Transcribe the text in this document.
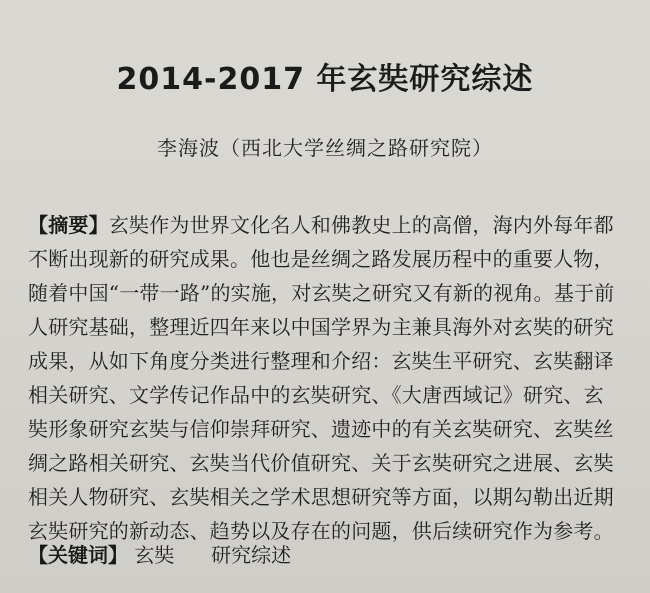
2014-2017 年玄奘研究综述
李海波（西北大学丝绸之路研究院）
【摘要】玄奘作为世界文化名人和佛教史上的高僧，海内外每年都不断出现新的研究成果。他也是丝绸之路发展历程中的重要人物，随着中国“一带一路”的实施，对玄奘之研究又有新的视角。基于前人研究基础，整理近四年来以中国学界为主兼具海外对玄奘的研究成果，从如下角度分类进行整理和介绍：玄奘生平研究、玄奘翻译相关研究、文学传记作品中的玄奘研究、《大唐西域记》研究、玄奘形象研究玄奘与信仰崇拜研究、遗迹中的有关玄奘研究、玄奘丝绸之路相关研究、玄奘当代价值研究、关于玄奘研究之进展、玄奘相关人物研究、玄奘相关之学术思想研究等方面，以期勾勒出近期玄奘研究的新动态、趋势以及存在的问题，供后续研究作为参考。
【关键词】 玄奘 研究综述
